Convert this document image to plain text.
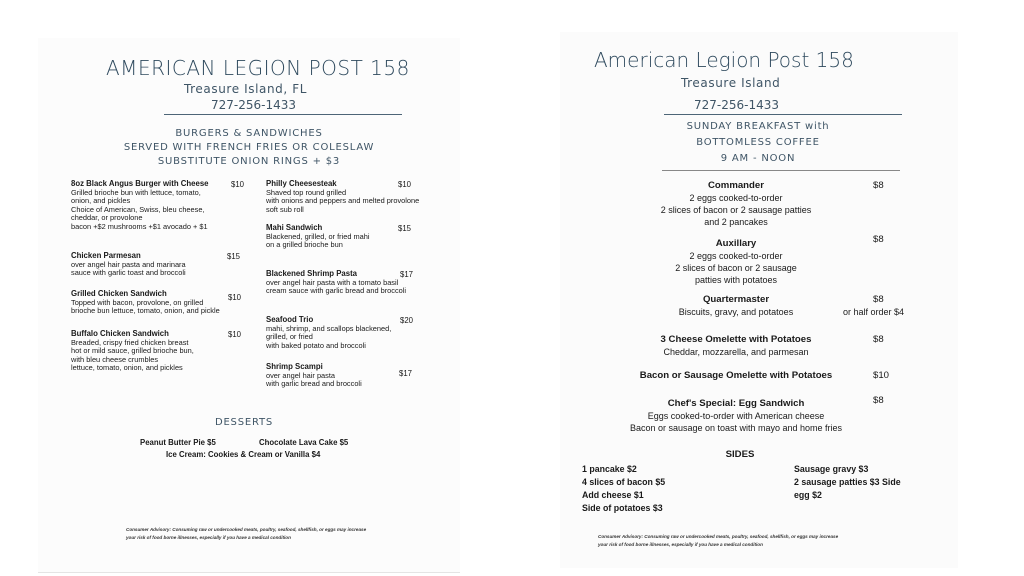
AMERICAN LEGION POST 158
Treasure Island, FL
727-256-1433
BURGERS & SANDWICHES
SERVED WITH FRENCH FRIES OR COLESLAW
SUBSTITUTE ONION RINGS + $3
8oz Black Angus Burger with Cheese
Grilled brioche bun with lettuce, tomato,
onion, and pickles
Choice of American, Swiss, bleu cheese,
cheddar, or provolone
bacon +$2 mushrooms +$1 avocado + $1
$10
Chicken Parmesan
over angel hair pasta and marinara
sauce with garlic toast and broccoli
$15
Grilled Chicken Sandwich
Topped with bacon, provolone, on grilled
brioche bun lettuce, tomato, onion, and pickle
$10
Buffalo Chicken Sandwich
Breaded, crispy fried chicken breast
hot or mild sauce, grilled brioche bun,
with bleu cheese crumbles
lettuce, tomato, onion, and pickles
$10
Philly Cheesesteak
Shaved top round grilled
with onions and peppers and melted provolone
soft sub roll
$10
Mahi Sandwich
Blackened, grilled, or fried mahi
on a grilled brioche bun
$15
Blackened Shrimp Pasta
over angel hair pasta with a tomato basil
cream sauce with garlic bread and broccoli
$17
Seafood Trio
mahi, shrimp, and scallops blackened,
grilled, or fried
with baked potato and broccoli
$20
Shrimp Scampi
over angel hair pasta
with garlic bread and broccoli
$17
DESSERTS
Peanut Butter Pie $5	Chocolate Lava Cake $5
Ice Cream: Cookies & Cream or Vanilla $4
Consumer Advisory: Consuming raw or undercooked meats, poultry, seafood, shellfish, or eggs may increase
your risk of food borne illnesses, especially if you have a medical condition
American Legion Post 158
Treasure Island
727-256-1433
SUNDAY BREAKFAST with
BOTTOMLESS COFFEE
9 AM - NOON
Commander
2 eggs cooked-to-order
2 slices of bacon or 2 sausage patties
and 2 pancakes
$8
Auxillary
2 eggs cooked-to-order
2 slices of bacon or 2 sausage
patties with potatoes
$8
Quartermaster
Biscuits, gravy, and potatoes
$8
or half order $4
3 Cheese Omelette with Potatoes
Cheddar, mozzarella, and parmesan
$8
Bacon or Sausage Omelette with Potatoes	$10
Chef's Special: Egg Sandwich
Eggs cooked-to-order with American cheese
Bacon or sausage on toast with mayo and home fries
$8
SIDES
1 pancake $2
4 slices of bacon $5
Add cheese $1
Side of potatoes $3
Sausage gravy $3
2 sausage patties $3 Side
egg $2
Consumer Advisory: Consuming raw or undercooked meats, poultry, seafood, shellfish, or eggs may increase
your risk of food borne illnesses, especially if you have a medical condition
